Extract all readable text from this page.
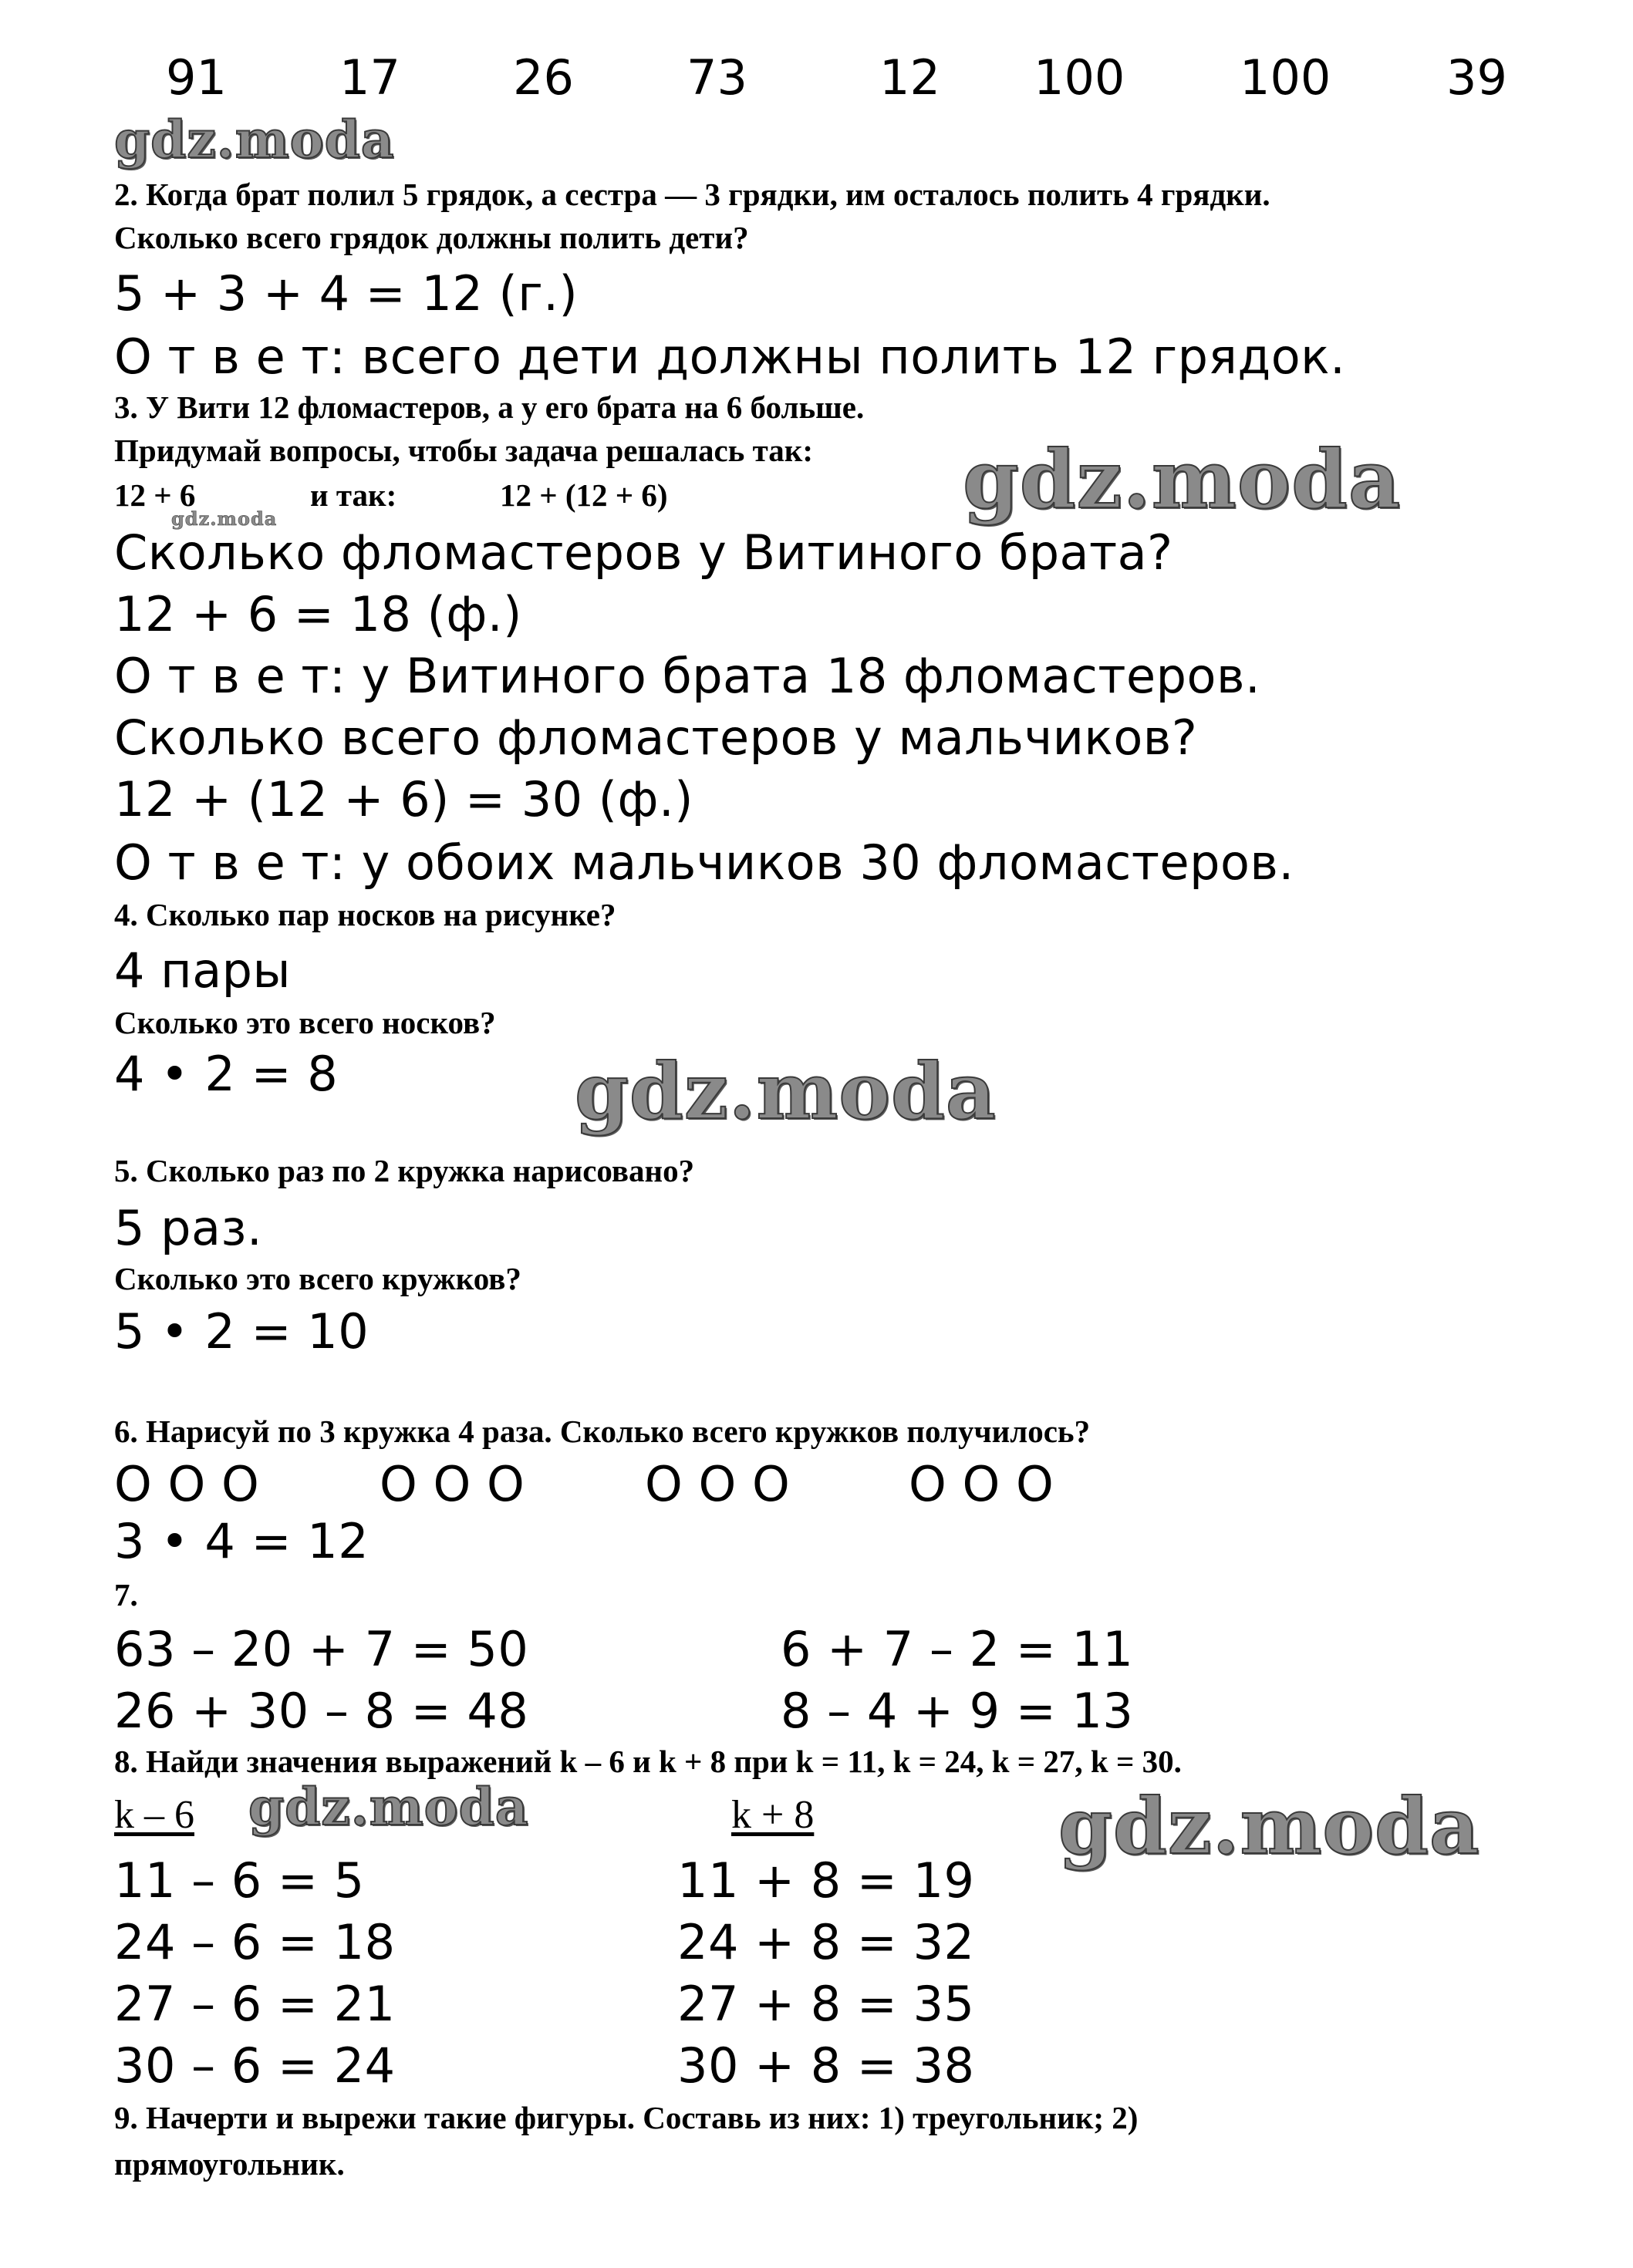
91 17 26 73	12 100 100 39
gdz.moda
gdz.moda
gdz.moda
gdz.moda
gdz.moda	gdz.moda
2. Когда брат полил 5 грядок, а сестра — 3 грядки, им осталось полить 4 грядки.
Сколько всего грядок должны полить дети?
5 + 3 + 4 = 12 (г.)
О т в е т: всего дети должны полить 12 грядок.
3. У Вити 12 фломастеров, а у его брата на 6 больше.
Придумай вопросы, чтобы задача решалась так:
12 + 6	и так:	12 + (12 + 6)
Сколько фломастеров у Витиного брата?
12 + 6 = 18 (ф.)
О т в е т: у Витиного брата 18 фломастеров.
Сколько всего фломастеров у мальчиков?
12 + (12 + 6) = 30 (ф.)
О т в е т: у обоих мальчиков 30 фломастеров.
4. Сколько пар носков на рисунке?
4 пары
Сколько это всего носков?
4 • 2 = 8
5. Сколько раз по 2 кружка нарисовано?
5 раз.
Сколько это всего кружков?
5 • 2 = 10
6. Нарисуй по 3 кружка 4 раза. Сколько всего кружков получилось?
О О О	О О О	О О О О О О
3 • 4 = 12
7.
63 – 20 + 7 = 50	6 + 7 – 2 = 11
26 + 30 – 8 = 48	8 – 4 + 9 = 13
8. Найди значения выражений k – 6 и k + 8 при k = 11, k = 24, k = 27, k = 30.
k – 6	k + 8
11 – 6 = 5	11 + 8 = 19
24 – 6 = 18	24 + 8 = 32
27 – 6 = 21	27 + 8 = 35
30 – 6 = 24	30 + 8 = 38
9. Начерти и вырежи такие фигуры. Составь из них: 1) треугольник; 2)
прямоугольник.
